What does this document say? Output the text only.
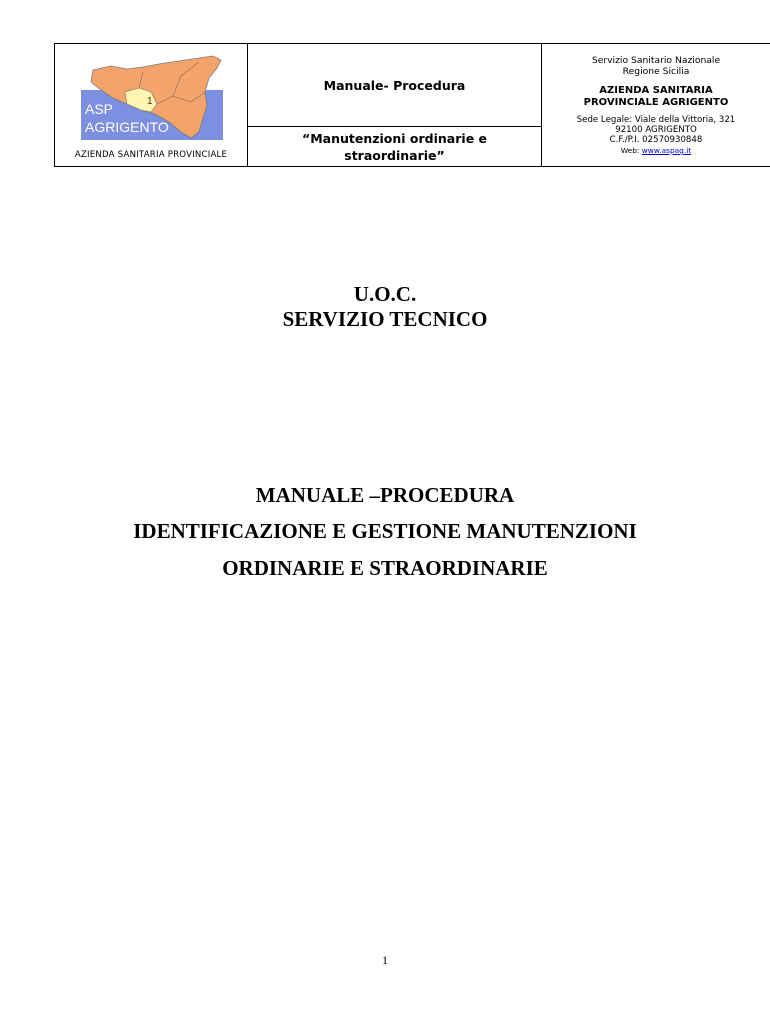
1
ASP
AGRIGENTO
AZIENDA SANITARIA PROVINCIALE
Manuale- Procedura
“Manutenzioni ordinarie e straordinarie”
Servizio Sanitario Nazionale
Regione Sicilia
AZIENDA SANITARIA
PROVINCIALE AGRIGENTO
Sede Legale: Viale della Vittoria, 321
92100 AGRIGENTO
C.F./P.I. 02570930848
Web: www.aspag.it
U.O.C.
SERVIZIO TECNICO
MANUALE –PROCEDURA
IDENTIFICAZIONE E GESTIONE MANUTENZIONI
ORDINARIE E STRAORDINARIE
1
